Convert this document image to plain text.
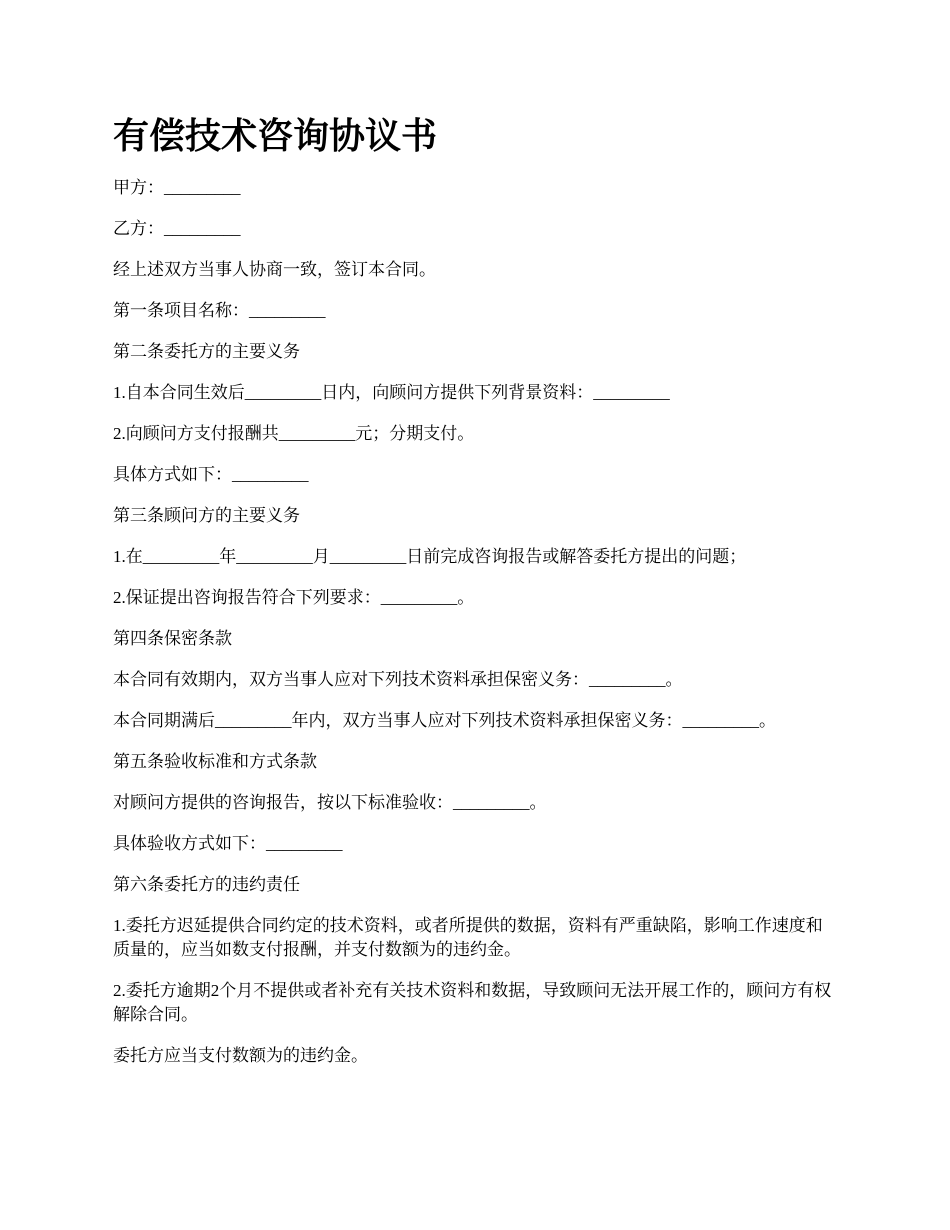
有偿技术咨询协议书

甲方：_________

乙方：_________

经上述双方当事人协商一致，签订本合同。

第一条项目名称：_________

第二条委托方的主要义务

1.自本合同生效后_________日内，向顾问方提供下列背景资料：_________

2.向顾问方支付报酬共_________元；分期支付。

具体方式如下：_________

第三条顾问方的主要义务

1.在_________年_________月_________日前完成咨询报告或解答委托方提出的问题；

2.保证提出咨询报告符合下列要求：_________。

第四条保密条款

本合同有效期内，双方当事人应对下列技术资料承担保密义务：_________。

本合同期满后_________年内，双方当事人应对下列技术资料承担保密义务：_________。

第五条验收标准和方式条款

对顾问方提供的咨询报告，按以下标准验收：_________。

具体验收方式如下：_________

第六条委托方的违约责任

1.委托方迟延提供合同约定的技术资料，或者所提供的数据，资料有严重缺陷，影响工作速度和质量的，应当如数支付报酬，并支付数额为的违约金。

2.委托方逾期2个月不提供或者补充有关技术资料和数据，导致顾问无法开展工作的，顾问方有权解除合同。

委托方应当支付数额为的违约金。
